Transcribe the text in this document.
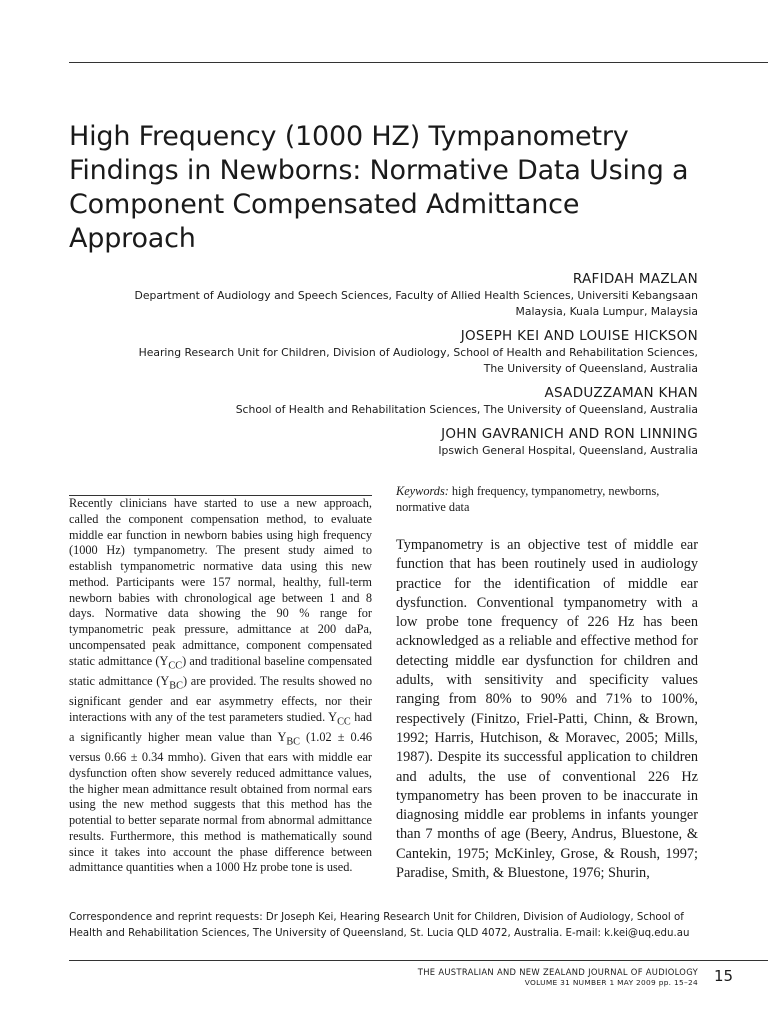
High Frequency (1000 HZ) Tympanometry Findings in Newborns: Normative Data Using a Component Compensated Admittance Approach
RAFIDAH MAZLAN
Department of Audiology and Speech Sciences, Faculty of Allied Health Sciences, Universiti Kebangsaan
Malaysia, Kuala Lumpur, Malaysia
JOSEPH KEI AND LOUISE HICKSON
Hearing Research Unit for Children, Division of Audiology, School of Health and Rehabilitation Sciences,
The University of Queensland, Australia
ASADUZZAMAN KHAN
School of Health and Rehabilitation Sciences, The University of Queensland, Australia
JOHN GAVRANICH AND RON LINNING
Ipswich General Hospital, Queensland, Australia

Recently clinicians have started to use a new approach, called the component compensation method, to evaluate middle ear function in newborn babies using high frequency (1000 Hz) tympanometry. The present study aimed to establish tympanometric normative data using this new method. Participants were 157 normal, healthy, full-term newborn babies with chronological age between 1 and 8 days. Normative data showing the 90 % range for tympanometric peak pressure, admittance at 200 daPa, uncompensated peak admittance, component compensated static admittance $(Y_{CC})$ and traditional baseline compensated static admittance $(Y_{BC})$ are provided. The results showed no significant gender and ear asymmetry effects, nor their interactions with any of the test parameters studied. $Y_{CC}$ had a significantly higher mean value than $Y_{BC}$ (1.02 ± 0.46 versus 0.66 ± 0.34 mmho). Given that ears with middle ear dysfunction often show severely reduced admittance values, the higher mean admittance result obtained from normal ears using the new method suggests that this method has the potential to better separate normal from abnormal admittance results. Furthermore, this method is mathematically sound since it takes into account the phase difference between admittance quantities when a 1000 Hz probe tone is used.

Keywords: high frequency, tympanometry, newborns, normative data

Tympanometry is an objective test of middle ear function that has been routinely used in audiology practice for the identification of middle ear dysfunction. Conventional tympanometry with a low probe tone frequency of 226 Hz has been acknowledged as a reliable and effective method for detecting middle ear dysfunction for children and adults, with sensitivity and specificity values ranging from 80% to 90% and 71% to 100%, respectively (Finitzo, Friel-Patti, Chinn, & Brown, 1992; Harris, Hutchison, & Moravec, 2005; Mills, 1987). Despite its successful application to children and adults, the use of conventional 226 Hz tympanometry has been proven to be inaccurate in diagnosing middle ear problems in infants younger than 7 months of age (Beery, Andrus, Bluestone, & Cantekin, 1975; McKinley, Grose, & Roush, 1997; Paradise, Smith, & Bluestone, 1976; Shurin,

Correspondence and reprint requests: Dr Joseph Kei, Hearing Research Unit for Children, Division of Audiology, School of Health and Rehabilitation Sciences, The University of Queensland, St. Lucia QLD 4072, Australia. E-mail: k.kei@uq.edu.au

THE AUSTRALIAN AND NEW ZEALAND JOURNAL OF AUDIOLOGY
VOLUME 31 NUMBER 1 MAY 2009 pp. 15–24 15
